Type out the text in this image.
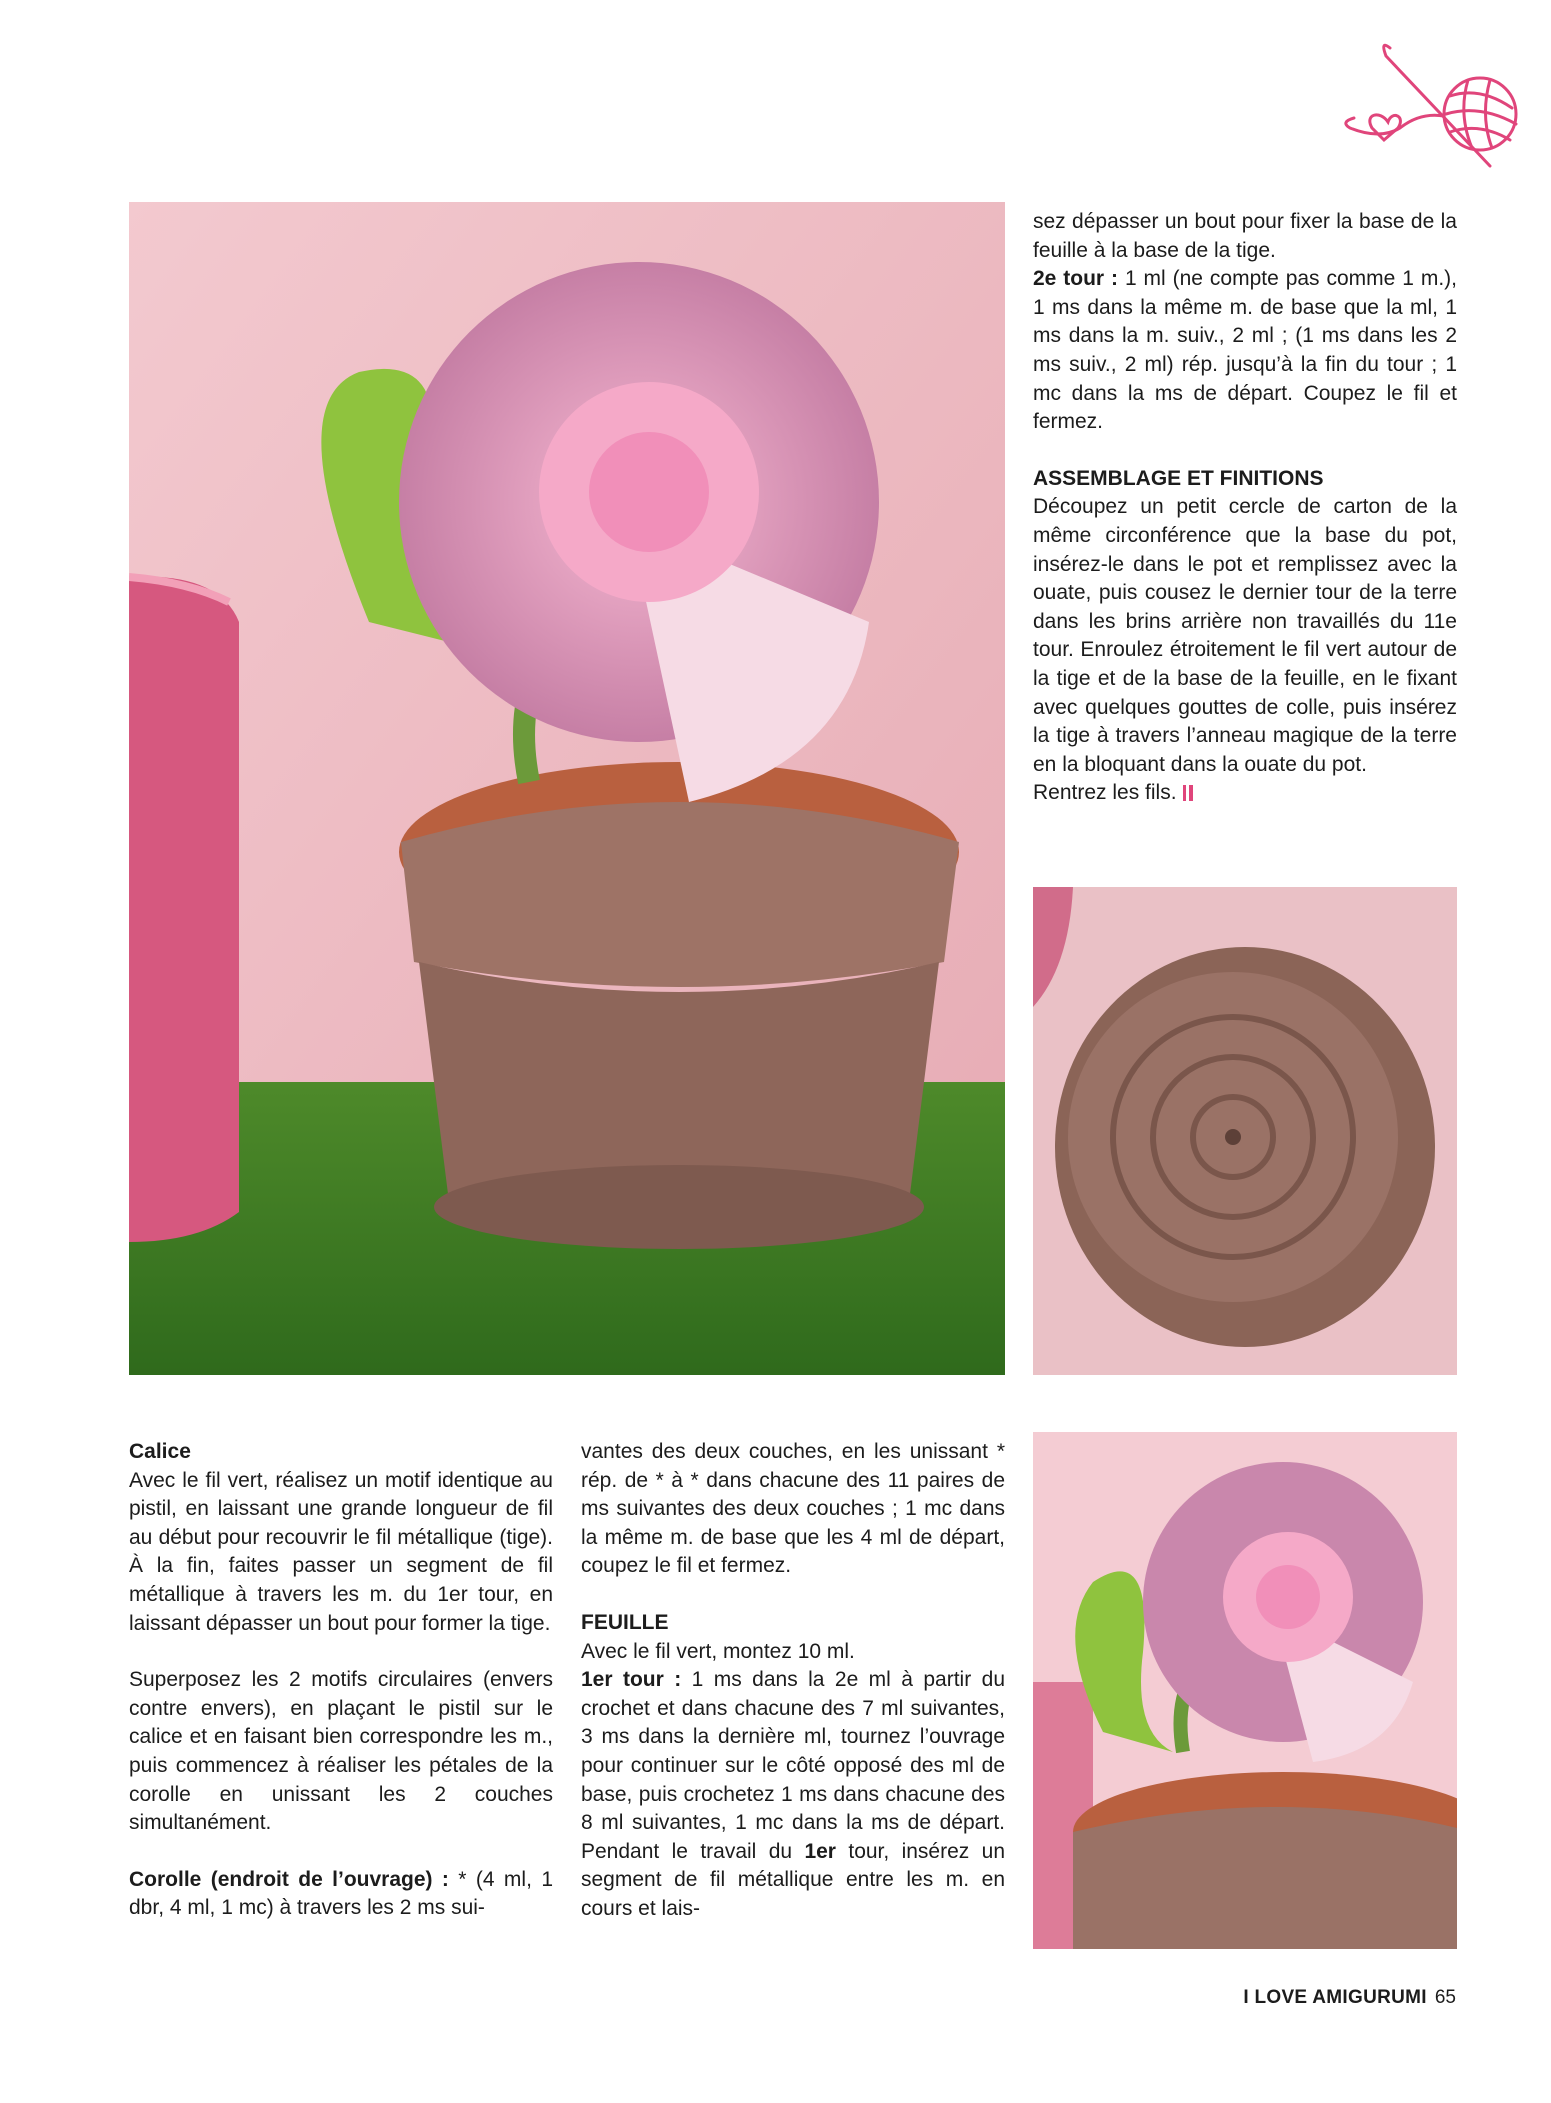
sez dépasser un bout pour fixer la base de la feuille à la base de la tige.

2e tour : 1 ml (ne compte pas comme 1 m.), 1 ms dans la même m. de base que la ml, 1 ms dans la m. suiv., 2 ml ; (1 ms dans les 2 ms suiv., 2 ml) rép. jusqu’à la fin du tour ; 1 mc dans la ms de départ. Coupez le fil et fermez.

ASSEMBLAGE ET FINITIONS

Découpez un petit cercle de carton de la même circonférence que la base du pot, insérez-le dans le pot et remplissez avec la ouate, puis cousez le dernier tour de la terre dans les brins arrière non travaillés du 11e tour. Enroulez étroitement le fil vert autour de la tige et de la base de la feuille, en le fixant avec quelques gouttes de colle, puis insérez la tige à travers l’anneau magique de la terre en la bloquant dans la ouate du pot.

Rentrez les fils.

Calice

Avec le fil vert, réalisez un motif identique au pistil, en laissant une grande longueur de fil au début pour recouvrir le fil métallique (tige). À la fin, faites passer un segment de fil métallique à travers les m. du 1er tour, en laissant dépasser un bout pour former la tige.

Superposez les 2 motifs circulaires (envers contre envers), en plaçant le pistil sur le calice et en faisant bien correspondre les m., puis commencez à réaliser les pétales de la corolle en unissant les 2 couches simultanément.

Corolle (endroit de l’ouvrage) : * (4 ml, 1 dbr, 4 ml, 1 mc) à travers les 2 ms sui-

vantes des deux couches, en les unissant * rép. de * à * dans chacune des 11 paires de ms suivantes des deux couches ; 1 mc dans la même m. de base que les 4 ml de départ, coupez le fil et fermez.

FEUILLE

Avec le fil vert, montez 10 ml.

1er tour : 1 ms dans la 2e ml à partir du crochet et dans chacune des 7 ml suivantes, 3 ms dans la dernière ml, tournez l’ouvrage pour continuer sur le côté opposé des ml de base, puis crochetez 1 ms dans chacune des 8 ml suivantes, 1 mc dans la ms de départ. Pendant le travail du 1er tour, insérez un segment de fil métallique entre les m. en cours et lais-

I LOVE AMIGURUMI 65
